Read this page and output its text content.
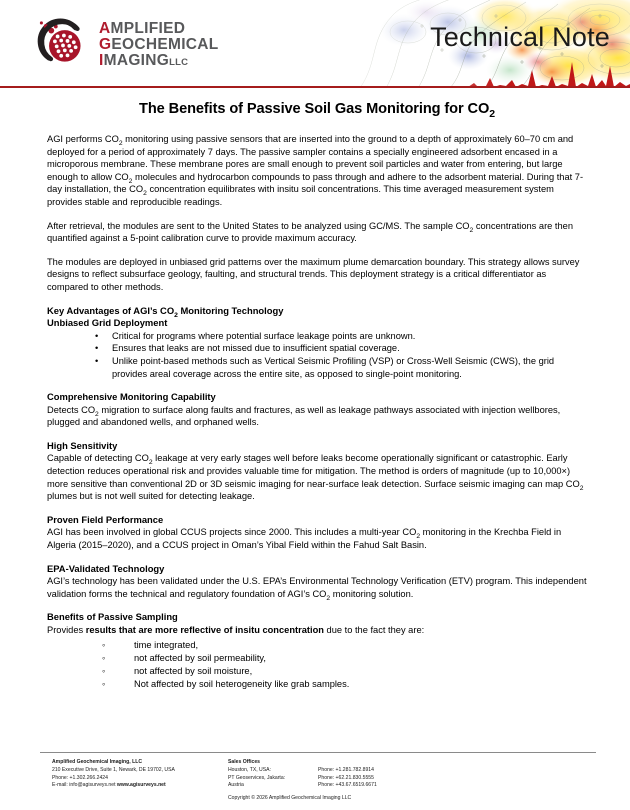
AMPLIFIED
GEOCHEMICAL
IMAGINGLLC
Technical Note
The Benefits of Passive Soil Gas Monitoring for $CO_2$

AGI performs $CO_2$ monitoring using passive sensors that are inserted into the ground to a depth of approximately 60–70 cm and deployed for a period of approximately 7 days. The passive sampler contains a specially engineered adsorbent encased in a microporous membrane. These membrane pores are small enough to prevent soil particles and water from entering, but large enough to allow $CO_2$ molecules and hydrocarbon compounds to pass through and adhere to the adsorbent material. During that 7-day installation, the $CO_2$ concentration equilibrates with insitu soil concentrations. This time averaged measurement system provides stable and reproducible readings.

After retrieval, the modules are sent to the United States to be analyzed using GC/MS. The sample $CO_2$ concentrations are then quantified against a 5-point calibration curve to provide maximum accuracy.

The modules are deployed in unbiased grid patterns over the maximum plume demarcation boundary. This strategy allows survey designs to reflect subsurface geology, faulting, and structural trends. This deployment strategy is a critical differentiator as compared to other methods.

Key Advantages of AGI’s $CO_2$ Monitoring Technology
Unbiased Grid Deployment
• Critical for programs where potential surface leakage points are unknown.
• Ensures that leaks are not missed due to insufficient spatial coverage.
• Unlike point-based methods such as Vertical Seismic Profiling (VSP) or Cross-Well Seismic (CWS), the grid provides areal coverage across the entire site, as opposed to single-point monitoring.
Comprehensive Monitoring Capability

Detects $CO_2$ migration to surface along faults and fractures, as well as leakage pathways associated with injection wellbores, plugged and abandoned wells, and orphaned wells.

High Sensitivity

Capable of detecting $CO_2$ leakage at very early stages well before leaks become operationally significant or catastrophic. Early detection reduces operational risk and provides valuable time for mitigation. The method is orders of magnitude (up to 10,000×) more sensitive than conventional 2D or 3D seismic imaging for near-surface leak detection. Surface seismic imaging can map $CO_2$ plumes but is not well suited for detecting leakage.

Proven Field Performance

AGI has been involved in global CCUS projects since 2000. This includes a multi-year $CO_2$ monitoring in the Krechba Field in Algeria (2015–2020), and a CCUS project in Oman’s Yibal Field within the Fahud Salt Basin.

EPA-Validated Technology

AGI’s technology has been validated under the U.S. EPA’s Environmental Technology Verification (ETV) program. This independent validation forms the technical and regulatory foundation of AGI’s $CO_2$ monitoring solution.

Benefits of Passive Sampling

Provides results that are more reflective of insitu concentration due to the fact they are:

◦ time integrated,
◦ not affected by soil permeability,
◦ not affected by soil moisture,
◦ Not affected by soil heterogeneity like grab samples.
Amplified Geochemical Imaging, LLC
210 Executive Drive, Suite 1, Newark, DE 19702, USA
Phone: +1.302.266.2424
E-mail: info@agisurveys.net www.agisurveys.net
Sales Offices
Houston, TX, USA:
PT Geoservices, Jakarta:
Austria

Phone: +1.281.782.8914
Phone: +62.21.830.5555
Phone: +43.67.6519.6671
Copyright © 2026 Amplified Geochemical Imaging LLC
